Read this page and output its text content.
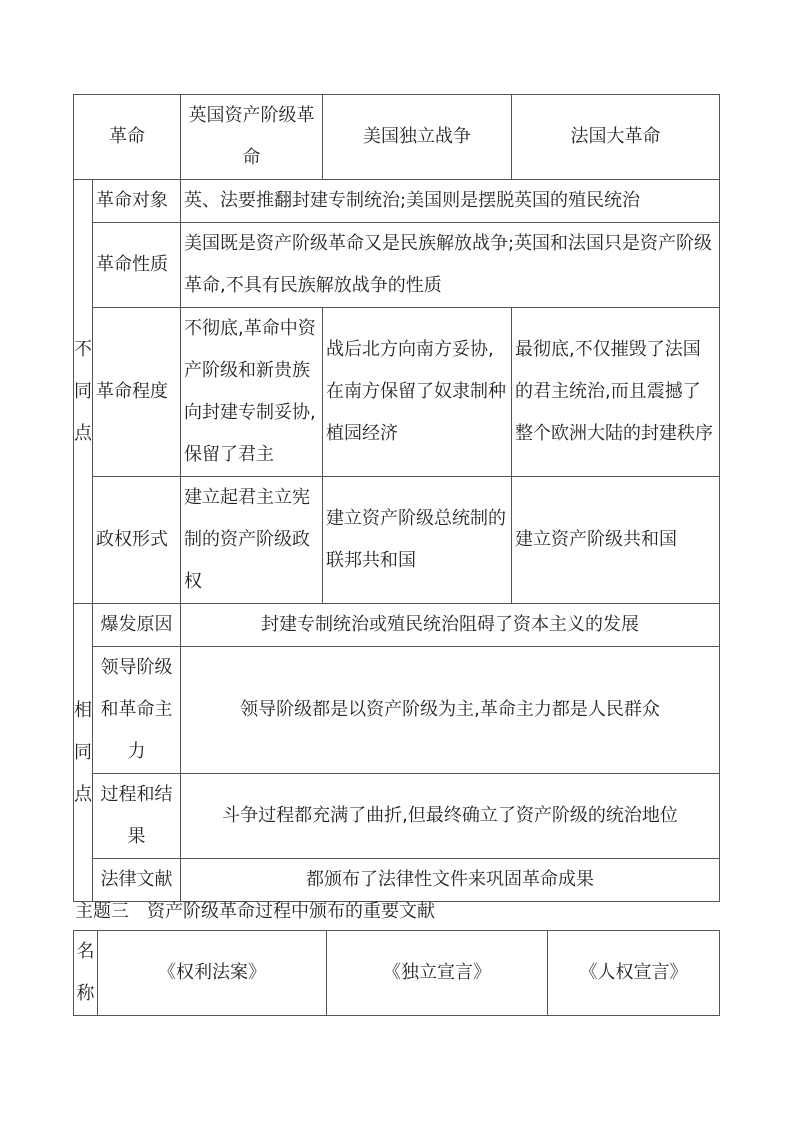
革命		英国资产阶级革命	美国独立战争	法国大革命
不同点	革命对象	英、法要推翻封建专制统治;美国则是摆脱英国的殖民统治		
	革命性质	美国既是资产阶级革命又是民族解放战争;英国和法国只是资产阶级革命,不具有民族解放战争的性质		
	革命程度	不彻底,革命中资产阶级和新贵族向封建专制妥协,保留了君主	战后北方向南方妥协,在南方保留了奴隶制种植园经济	最彻底,不仅摧毁了法国的君主统治,而且震撼了整个欧洲大陆的封建秩序
	政权形式	建立起君主立宪制的资产阶级政权	建立资产阶级总统制的联邦共和国	建立资产阶级共和国
相同点	爆发原因	封建专制统治或殖民统治阻碍了资本主义的发展		
	领导阶级和革命主力	领导阶级都是以资产阶级为主,革命主力都是人民群众		
	过程和结果	斗争过程都充满了曲折,但最终确立了资产阶级的统治地位		
	法律文献	都颁布了法律性文件来巩固革命成果		
主题三　资产阶级革命过程中颁布的重要文献
名称	《权利法案》	《独立宣言》	《人权宣言》
